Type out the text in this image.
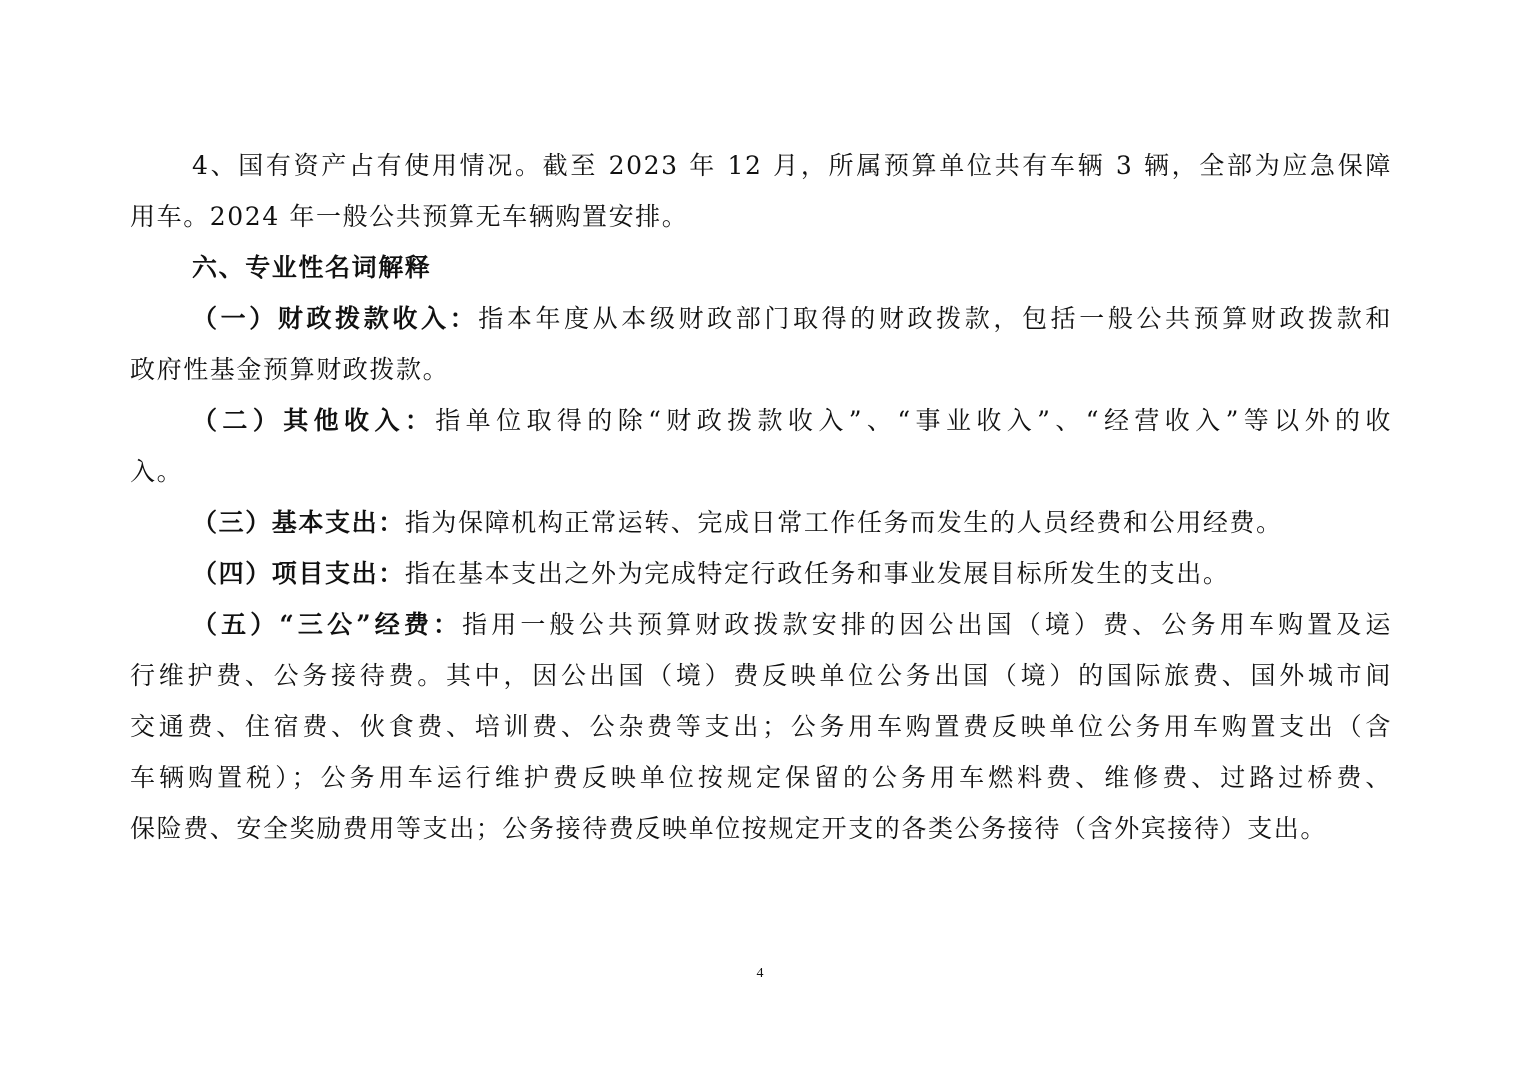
4、国有资产占有使用情况。截至 2023 年 12 月，所属预算单位共有车辆 3 辆，全部为应急保障
用车。2024 年一般公共预算无车辆购置安排。

六、专业性名词解释

（一）财政拨款收入：指本年度从本级财政部门取得的财政拨款，包括一般公共预算财政拨款和
政府性基金预算财政拨款。

（二）其他收入：指单位取得的除“财政拨款收入”、“事业收入”、“经营收入”等以外的收
入。

（三）基本支出：指为保障机构正常运转、完成日常工作任务而发生的人员经费和公用经费。

（四）项目支出：指在基本支出之外为完成特定行政任务和事业发展目标所发生的支出。

（五）“三公”经费：指用一般公共预算财政拨款安排的因公出国（境）费、公务用车购置及运
行维护费、公务接待费。其中，因公出国（境）费反映单位公务出国（境）的国际旅费、国外城市间
交通费、住宿费、伙食费、培训费、公杂费等支出；公务用车购置费反映单位公务用车购置支出（含
车辆购置税）；公务用车运行维护费反映单位按规定保留的公务用车燃料费、维修费、过路过桥费、
保险费、安全奖励费用等支出；公务接待费反映单位按规定开支的各类公务接待（含外宾接待）支出。

4
